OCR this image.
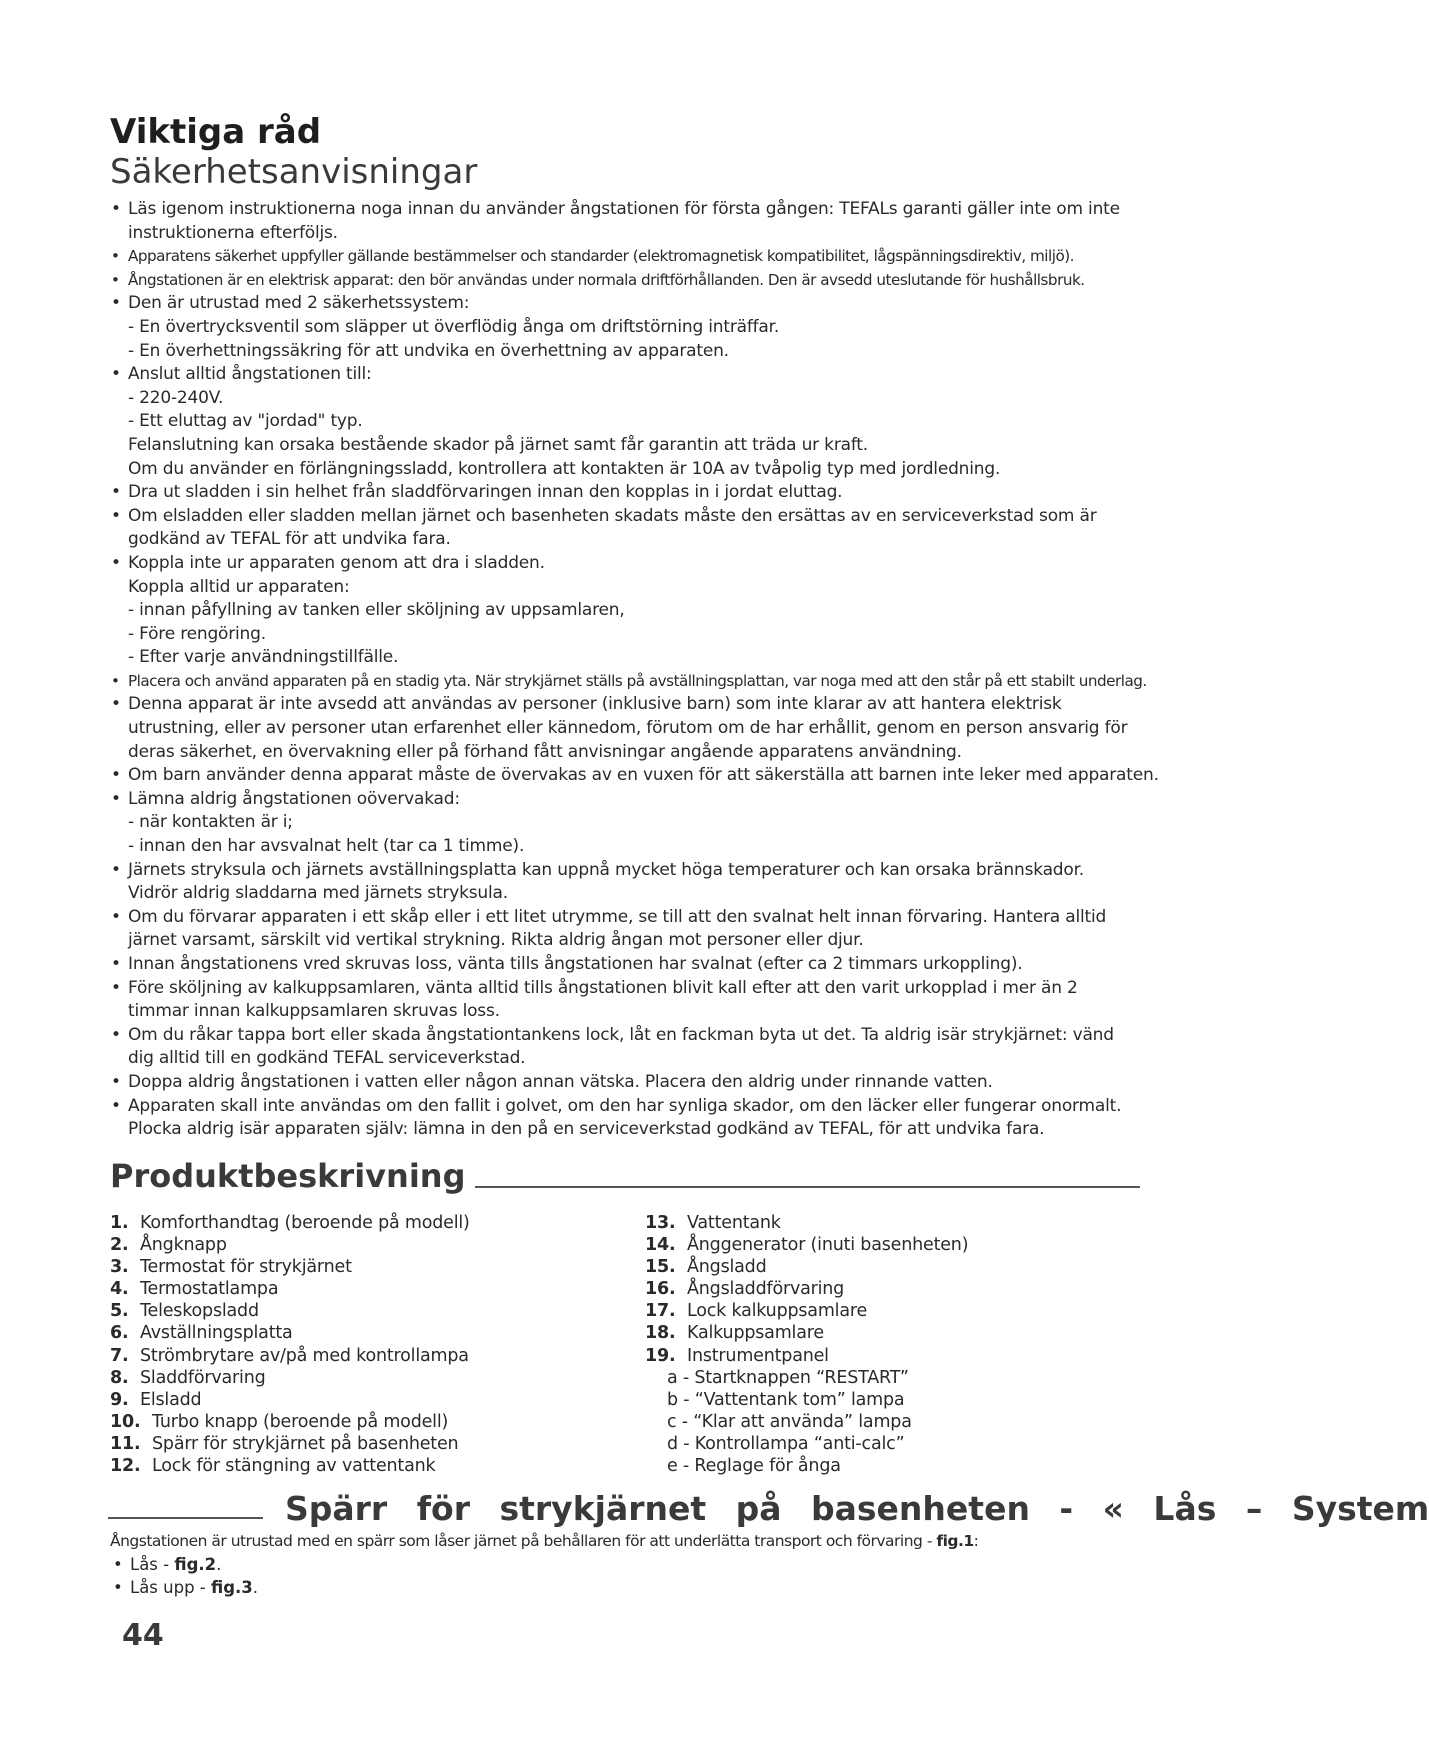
Viktiga råd
Säkerhetsanvisningar
• Läs igenom instruktionerna noga innan du använder ångstationen för första gången: TEFALs garanti gäller inte om inte instruktionerna efterföljs.
• Apparatens säkerhet uppfyller gällande bestämmelser och standarder (elektromagnetisk kompatibilitet, lågspänningsdirektiv, miljö).
• Ångstationen är en elektrisk apparat: den bör användas under normala driftförhållanden. Den är avsedd uteslutande för hushållsbruk.
• Den är utrustad med 2 säkerhetssystem:
- En övertrycksventil som släpper ut överflödig ånga om driftstörning inträffar.
- En överhettningssäkring för att undvika en överhettning av apparaten.
• Anslut alltid ångstationen till:
- 220-240V.
- Ett eluttag av "jordad" typ.
Felanslutning kan orsaka bestående skador på järnet samt får garantin att träda ur kraft.
Om du använder en förlängningssladd, kontrollera att kontakten är 10A av tvåpolig typ med jordledning.
• Dra ut sladden i sin helhet från sladdförvaringen innan den kopplas in i jordat eluttag.
• Om elsladden eller sladden mellan järnet och basenheten skadats måste den ersättas av en serviceverkstad som är godkänd av TEFAL för att undvika fara.
• Koppla inte ur apparaten genom att dra i sladden.
Koppla alltid ur apparaten:
- innan påfyllning av tanken eller sköljning av uppsamlaren,
- Före rengöring.
- Efter varje användningstillfälle.
• Placera och använd apparaten på en stadig yta. När strykjärnet ställs på avställningsplattan, var noga med att den står på ett stabilt underlag.
• Denna apparat är inte avsedd att användas av personer (inklusive barn) som inte klarar av att hantera elektrisk utrustning, eller av personer utan erfarenhet eller kännedom, förutom om de har erhållit, genom en person ansvarig för deras säkerhet, en övervakning eller på förhand fått anvisningar angående apparatens användning.
• Om barn använder denna apparat måste de övervakas av en vuxen för att säkerställa att barnen inte leker med apparaten.
• Lämna aldrig ångstationen oövervakad:
- när kontakten är i;
- innan den har avsvalnat helt (tar ca 1 timme).
• Järnets stryksula och järnets avställningsplatta kan uppnå mycket höga temperaturer och kan orsaka brännskador. Vidrör aldrig sladdarna med järnets stryksula.
• Om du förvarar apparaten i ett skåp eller i ett litet utrymme, se till att den svalnat helt innan förvaring. Hantera alltid järnet varsamt, särskilt vid vertikal strykning. Rikta aldrig ångan mot personer eller djur.
• Innan ångstationens vred skruvas loss, vänta tills ångstationen har svalnat (efter ca 2 timmars urkoppling).
• Före sköljning av kalkuppsamlaren, vänta alltid tills ångstationen blivit kall efter att den varit urkopplad i mer än 2 timmar innan kalkuppsamlaren skruvas loss.
• Om du råkar tappa bort eller skada ångstationtankens lock, låt en fackman byta ut det. Ta aldrig isär strykjärnet: vänd dig alltid till en godkänd TEFAL serviceverkstad.
• Doppa aldrig ångstationen i vatten eller någon annan vätska. Placera den aldrig under rinnande vatten.
• Apparaten skall inte användas om den fallit i golvet, om den har synliga skador, om den läcker eller fungerar onormalt. Plocka aldrig isär apparaten själv: lämna in den på en serviceverkstad godkänd av TEFAL, för att undvika fara.
Produktbeskrivning
1. Komforthandtag (beroende på modell)
2. Ångknapp
3. Termostat för strykjärnet
4. Termostatlampa
5. Teleskopsladd
6. Avställningsplatta
7. Strömbrytare av/på med kontrollampa
8. Sladdförvaring
9. Elsladd
10. Turbo knapp (beroende på modell)
11. Spärr för strykjärnet på basenheten
12. Lock för stängning av vattentank
13. Vattentank
14. Ånggenerator (inuti basenheten)
15. Ångsladd
16. Ångsladdförvaring
17. Lock kalkuppsamlare
18. Kalkuppsamlare
19. Instrumentpanel
a - Startknappen “RESTART”
b - “Vattentank tom” lampa
c - “Klar att använda” lampa
d - Kontrollampa “anti-calc”
e - Reglage för ånga
Spärr för strykjärnet på basenheten - « Lås – System
Ångstationen är utrustad med en spärr som låser järnet på behållaren för att underlätta transport och förvaring - fig.1:
• Lås - fig.2.
• Lås upp - fig.3.

44
